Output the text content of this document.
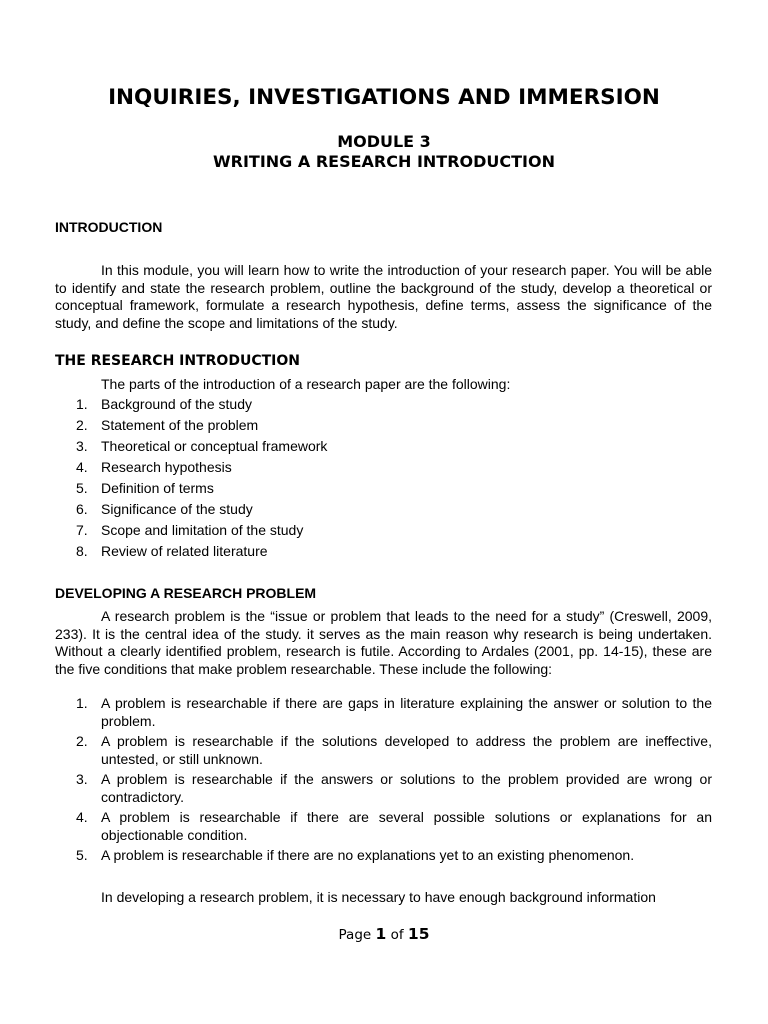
INQUIRIES, INVESTIGATIONS AND IMMERSION
MODULE 3
WRITING A RESEARCH INTRODUCTION
INTRODUCTION

In this module, you will learn how to write the introduction of your research paper. You will be able to identify and state the research problem, outline the background of the study, develop a theoretical or conceptual framework, formulate a research hypothesis, define terms, assess the significance of the study, and define the scope and limitations of the study.

THE RESEARCH INTRODUCTION

The parts of the introduction of a research paper are the following:

1. Background of the study
2. Statement of the problem
3. Theoretical or conceptual framework
4. Research hypothesis
5. Definition of terms
6. Significance of the study
7. Scope and limitation of the study
8. Review of related literature
DEVELOPING A RESEARCH PROBLEM

A research problem is the “issue or problem that leads to the need for a study” (Creswell, 2009, 233). It is the central idea of the study. it serves as the main reason why research is being undertaken. Without a clearly identified problem, research is futile. According to Ardales (2001, pp. 14-15), these are the five conditions that make problem researchable. These include the following:

1. A problem is researchable if there are gaps in literature explaining the answer or solution to the problem.
2. A problem is researchable if the solutions developed to address the problem are ineffective, untested, or still unknown.
3. A problem is researchable if the answers or solutions to the problem provided are wrong or contradictory.
4. A problem is researchable if there are several possible solutions or explanations for an objectionable condition.
5. A problem is researchable if there are no explanations yet to an existing phenomenon.

In developing a research problem, it is necessary to have enough background information

Page 1 of 15
